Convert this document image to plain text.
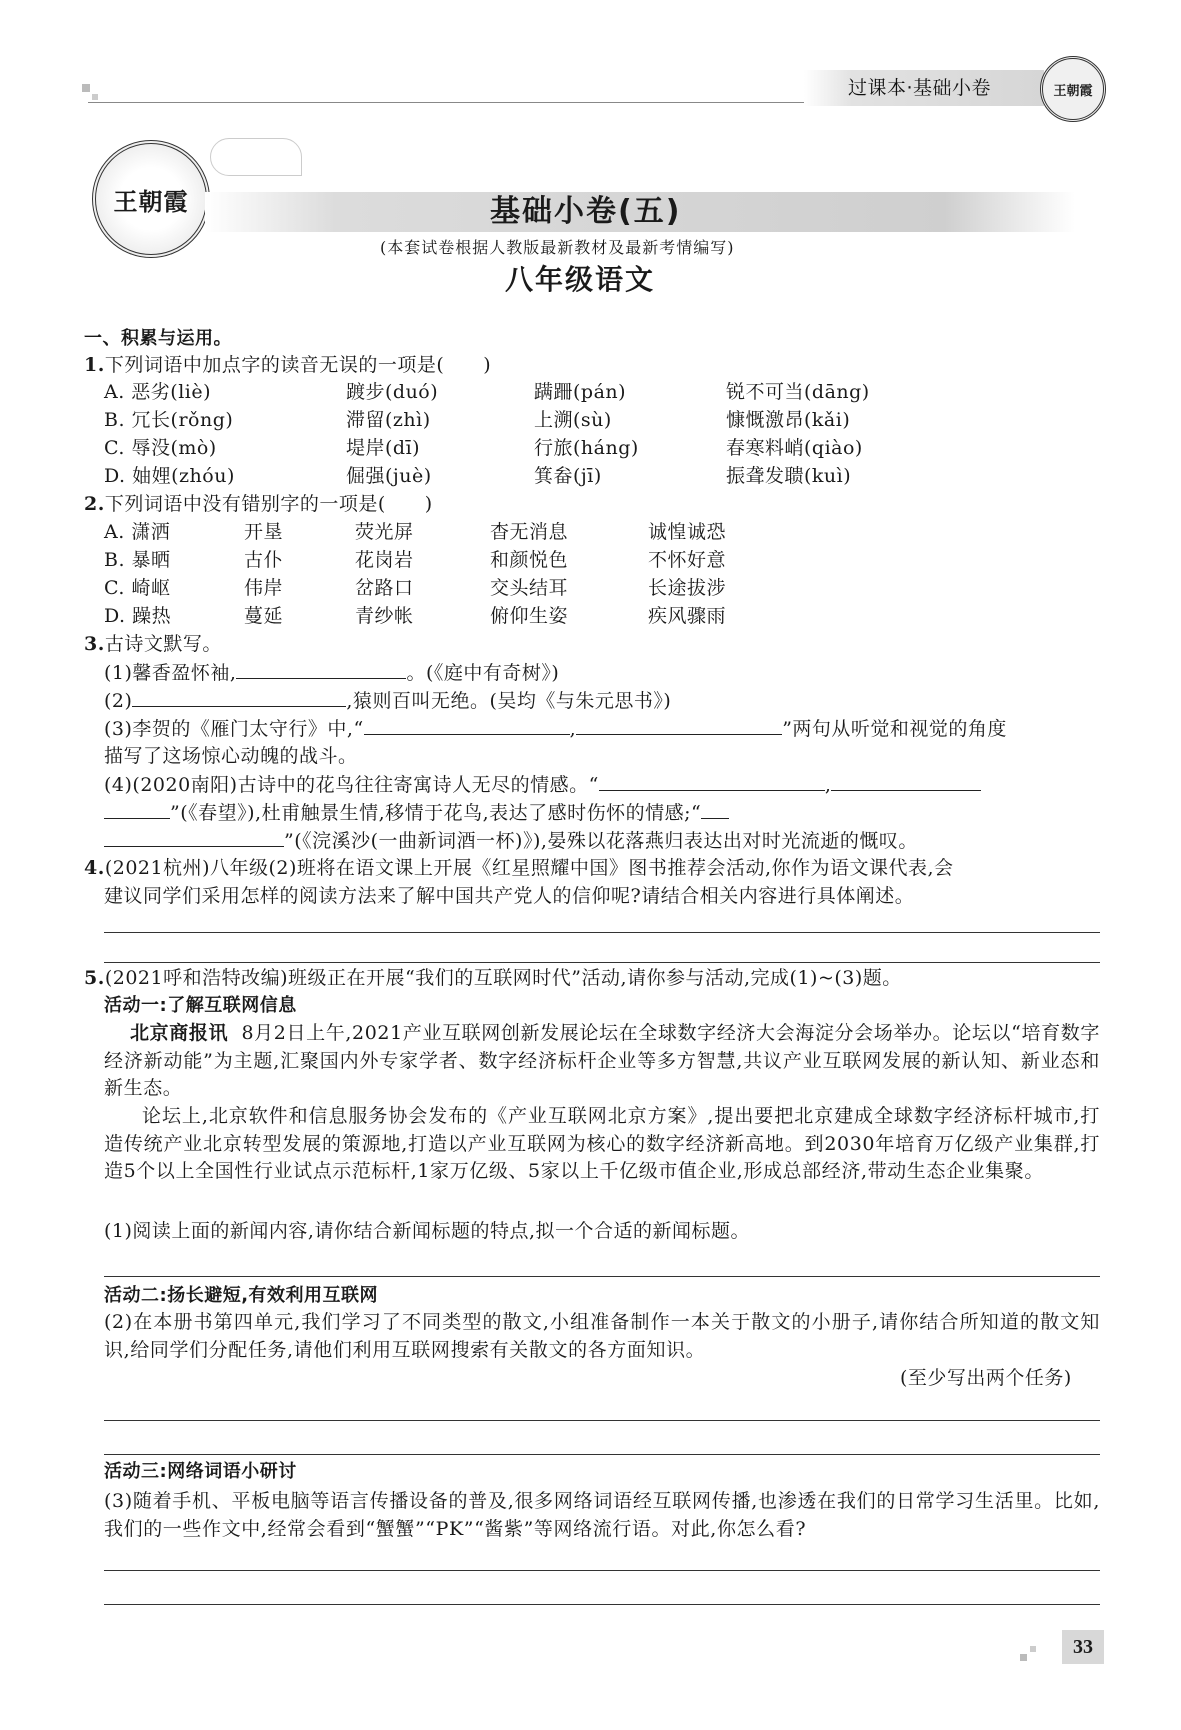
过课本·基础小卷	王朝霞
王朝霞	基础小卷(五)
(本套试卷根据人教版最新教材及最新考情编写)
八年级语文
一、积累与运用。
1.下列词语中加点字的读音无误的一项是(　　)
A. 恶劣(liè)	踱步(duó)	蹒跚(pán)	锐不可当(dāng)
B. 冗长(rǒng)	滞留(zhì)	上溯(sù)	慷慨激昂(kǎi)
C. 辱没(mò)	堤岸(dī)	行旅(háng)	春寒料峭(qiào)
D. 妯娌(zhóu)	倔强(juè)	箕畚(jī)	振聋发聩(kuì)
2.下列词语中没有错别字的一项是(　　)
A. 潇洒	开垦	荧光屏	杳无消息	诚惶诚恐
B. 暴晒	古仆	花岗岩	和颜悦色	不怀好意
C. 崎岖	伟岸	岔路口	交头结耳	长途拔涉
D. 躁热	蔓延	青纱帐	俯仰生姿	疾风骤雨
3.古诗文默写。
(1)馨香盈怀袖,	。(《庭中有奇树》)
(2)	,猿则百叫无绝。(吴均《与朱元思书》)
(3)李贺的《雁门太守行》中,“	,	”两句从听觉和视觉的角度
描写了这场惊心动魄的战斗。
(4)(2020南阳)古诗中的花鸟往往寄寓诗人无尽的情感。“	,
”(《春望》),杜甫触景生情,移情于花鸟,表达了感时伤怀的情感;“
”(《浣溪沙(一曲新词酒一杯)》),晏殊以花落燕归表达出对时光流逝的慨叹。
4.(2021杭州)八年级(2)班将在语文课上开展《红星照耀中国》图书推荐会活动,你作为语文课代表,会
建议同学们采用怎样的阅读方法来了解中国共产党人的信仰呢?请结合相关内容进行具体阐述。
5.(2021呼和浩特改编)班级正在开展“我们的互联网时代”活动,请你参与活动,完成(1)~(3)题。
活动一:了解互联网信息
北京商报讯 8月2日上午,2021产业互联网创新发展论坛在全球数字经济大会海淀分会场举办。论坛以“培育数字经济新动能”为主题,汇聚国内外专家学者、数字经济标杆企业等多方智慧,共议产业互联网发展的新认知、新业态和新生态。
论坛上,北京软件和信息服务协会发布的《产业互联网北京方案》,提出要把北京建成全球数字经济标杆城市,打造传统产业北京转型发展的策源地,打造以产业互联网为核心的数字经济新高地。到2030年培育万亿级产业集群,打造5个以上全国性行业试点示范标杆,1家万亿级、5家以上千亿级市值企业,形成总部经济,带动生态企业集聚。
(1)阅读上面的新闻内容,请你结合新闻标题的特点,拟一个合适的新闻标题。
活动二:扬长避短,有效利用互联网
(2)在本册书第四单元,我们学习了不同类型的散文,小组准备制作一本关于散文的小册子,请你结合所知道的散文知识,给同学们分配任务,请他们利用互联网搜索有关散文的各方面知识。
(至少写出两个任务)
活动三:网络词语小研讨
(3)随着手机、平板电脑等语言传播设备的普及,很多网络词语经互联网传播,也渗透在我们的日常学习生活里。比如,我们的一些作文中,经常会看到“蟹蟹”“PK”“酱紫”等网络流行语。对此,你怎么看?
33
